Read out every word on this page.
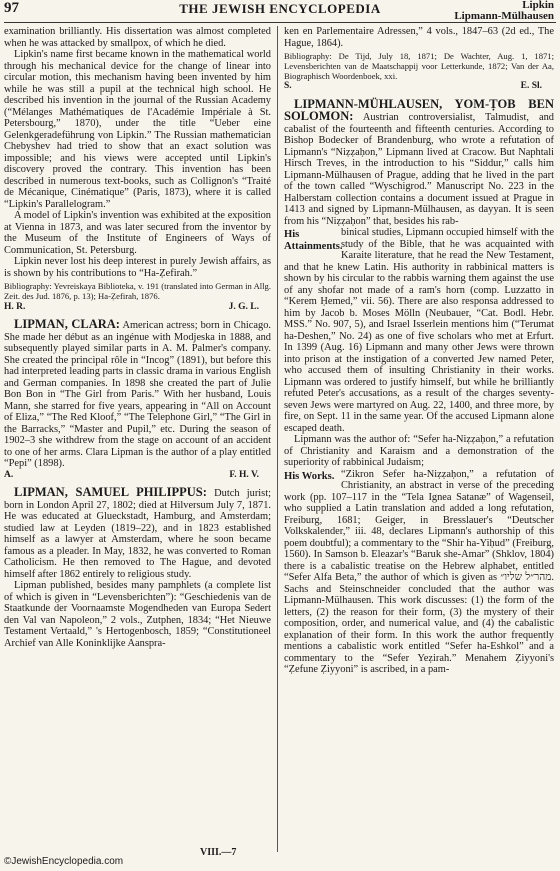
97	THE JEWISH ENCYCLOPEDIA	Lipkin
Lipmann-Mülhausen

examination brilliantly. His dissertation was almost completed when he was attacked by smallpox, of which he died.

Lipkin's name first became known in the mathematical world through his mechanical device for the change of linear into circular motion, this mechanism having been invented by him while he was still a pupil at the technical high school. He described his invention in the journal of the Russian Academy (“Mélanges Mathématiques de l'Académie Impériale à St. Petersbourg,” 1870), under the title “Ueber eine Gelenkgeradeführung von Lipkin.” The Russian mathematician Chebyshev had tried to show that an exact solution was impossible; and his views were accepted until Lipkin's discovery proved the contrary. This invention has been described in numerous text-books, such as Collignon's “Traité de Mécanique, Cinématique” (Paris, 1873), where it is called “Lipkin's Parallelogram.”

A model of Lipkin's invention was exhibited at the exposition at Vienna in 1873, and was later secured from the inventor by the Museum of the Institute of Engineers of Ways of Communication, St. Petersburg.

Lipkin never lost his deep interest in purely Jewish affairs, as is shown by his contributions to “Ha-Ẓefirah.”

Bibliography: Yevreiskaya Biblioteka, v. 191 (translated into German in Allg. Zeit. des Jud. 1876, p. 13); Ha-Ẓefirah, 1876.

H. R.	J. G. L.

LIPMAN, CLARA: American actress; born in Chicago. She made her début as an ingénue with Modjeska in 1888, and subsequently played similar parts in A. M. Palmer's company. She created the principal rôle in “Incog” (1891), but before this had interpreted leading parts in classic drama in various English and German companies. In 1898 she created the part of Julie Bon Bon in “The Girl from Paris.” With her husband, Louis Mann, she starred for five years, appearing in “All on Account of Eliza,” “The Red Kloof,” “The Telephone Girl,” “The Girl in the Barracks,” “Master and Pupil,” etc. During the season of 1902–3 she withdrew from the stage on account of an accident to one of her arms. Clara Lipman is the author of a play entitled “Pepi” (1898).

A.	F. H. V.

LIPMAN, SAMUEL PHILIPPUS: Dutch jurist; born in London April 27, 1802; died at Hilversum July 7, 1871. He was educated at Glueckstadt, Hamburg, and Amsterdam; studied law at Leyden (1819–22), and in 1823 established himself as a lawyer at Amsterdam, where he soon became famous as a pleader. In May, 1832, he was converted to Roman Catholicism. He then removed to The Hague, and devoted himself after 1862 entirely to religious study.

Lipman published, besides many pamphlets (a complete list of which is given in “Levensberichten”): “Geschiedenis van de Staatkunde der Voornaamste Mogendheden van Europa Sedert den Val van Napoleon,” 2 vols., Zutphen, 1834; “Het Nieuwe Testament Vertaald,” 's Hertogenbosch, 1859; “Constitutioneel Archief van Alle Koninklijke Aanspra-

ken en Parlementaire Adressen,” 4 vols., 1847–63 (2d ed., The Hague, 1864).

Bibliography: De Tijd, July 18, 1871; De Wachter, Aug. 1, 1871; Levensberichten van de Maatschappij voor Letterkunde, 1872; Van der Aa, Biographisch Woordenboek, xxi.

S.	E. Sl.

LIPMANN-MÜHLAUSEN, YOM-ṬOB BEN SOLOMON: Austrian controversialist, Talmudist, and cabalist of the fourteenth and fifteenth centuries. According to Bishop Bodecker of Brandenburg, who wrote a refutation of Lipmann's “Niẓẓaḥon,” Lipmann lived at Cracow. But Naphtali Hirsch Treves, in the introduction to his “Siddur,” calls him Lipmann-Mülhausen of Prague, adding that he lived in the part of the town called “Wyschigrod.” Manuscript No. 223 in the Halberstam collection contains a document issued at Prague in 1413 and signed by Lipmann-Mülhausen, as dayyan. It is seen from his “Niẓẓaḥon” that, besides his rab-

His Attainments.

binical studies, Lipmann occupied himself with the study of the Bible, that he was acquainted with Karaite literature, that he read the New Testament, and that he knew Latin. His authority in rabbinical matters is shown by his circular to the rabbis warning them against the use of any shofar not made of a ram's horn (comp. Luzzatto in “Kerem Ḥemed,” vii. 56). There are also responsa addressed to him by Jacob b. Moses Mölln (Neubauer, “Cat. Bodl. Hebr. MSS.” No. 907, 5), and Israel Isserlein mentions him (“Terumat ha-Deshen,” No. 24) as one of five scholars who met at Erfurt. In 1399 (Aug. 16) Lipmann and many other Jews were thrown into prison at the instigation of a converted Jew named Peter, who accused them of insulting Christianity in their works. Lipmann was ordered to justify himself, but while he brilliantly refuted Peter's accusations, as a result of the charges seventy-seven Jews were martyred on Aug. 22, 1400, and three more, by fire, on Sept. 11 in the same year. Of the accused Lipmann alone escaped death.

Lipmann was the author of: “Sefer ha-Niẓẓaḥon,” a refutation of Christianity and Karaism and a demonstration of the superiority of rabbinical Judaism;

His Works. “Zikron Sefer ha-Niẓẓaḥon,” a refutation of Christianity, an abstract in verse of the preceding work (pp. 107–117 in the “Tela Ignea Satanæ” of Wagenseil, who supplied a Latin translation and added a long refutation, Freiburg, 1681; Geiger, in Bresslauer's “Deutscher Volkskalender,” iii. 48, declares Lipmann's authorship of this poem doubtful); a commentary to the “Shir ha-Yiḥud” (Freiburg, 1560). In Samson b. Eleazar's “Baruk she-Amar” (Shklov, 1804) there is a cabalistic treatise on the Hebrew alphabet, entitled “Sefer Alfa Beta,” the author of which is given as מהר״ל שליו״. Sachs and Steinschneider concluded that the author was Lipmann-Mülhausen. This work discusses: (1) the form of the letters, (2) the reason for their form, (3) the mystery of their composition, order, and numerical value, and (4) the cabalistic explanation of their form. In this work the author frequently mentions a cabalistic work entitled “Sefer ha-Eshkol” and a commentary to the “Sefer Yeẓirah.” Menahem Ẓiyyoni's “Ẓefune Ẓiyyoni” is ascribed, in a pam-

©JewishEncyclopedia.com
VIII.—7
